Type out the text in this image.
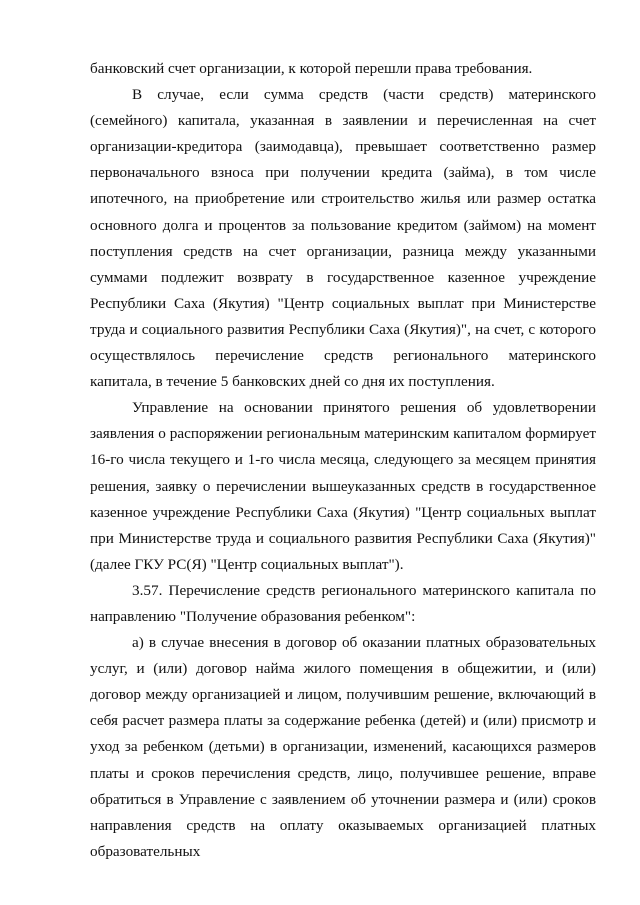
банковский счет организации, к которой перешли права требования.

В случае, если сумма средств (части средств) материнского (семейного) капитала, указанная в заявлении и перечисленная на счет организации-кредитора (заимодавца), превышает соответственно размер первоначального взноса при получении кредита (займа), в том числе ипотечного, на приобретение или строительство жилья или размер остатка основного долга и процентов за пользование кредитом (займом) на момент поступления средств на счет организации, разница между указанными суммами подлежит возврату в государственное казенное учреждение Республики Саха (Якутия) "Центр социальных выплат при Министерстве труда и социального развития Республики Саха (Якутия)", на счет, с которого осуществлялось перечисление средств регионального материнского капитала, в течение 5 банковских дней со дня их поступления.

Управление на основании принятого решения об удовлетворении заявления о распоряжении региональным материнским капиталом формирует 16-го числа текущего и 1-го числа месяца, следующего за месяцем принятия решения, заявку о перечислении вышеуказанных средств в государственное казенное учреждение Республики Саха (Якутия) "Центр социальных выплат при Министерстве труда и социального развития Республики Саха (Якутия)" (далее ГКУ РС(Я) "Центр социальных выплат").

3.57. Перечисление средств регионального материнского капитала по направлению "Получение образования ребенком":

а) в случае внесения в договор об оказании платных образовательных услуг, и (или) договор найма жилого помещения в общежитии, и (или) договор между организацией и лицом, получившим решение, включающий в себя расчет размера платы за содержание ребенка (детей) и (или) присмотр и уход за ребенком (детьми) в организации, изменений, касающихся размеров платы и сроков перечисления средств, лицо, получившее решение, вправе обратиться в Управление с заявлением об уточнении размера и (или) сроков направления средств на оплату оказываемых организацией платных образовательных
